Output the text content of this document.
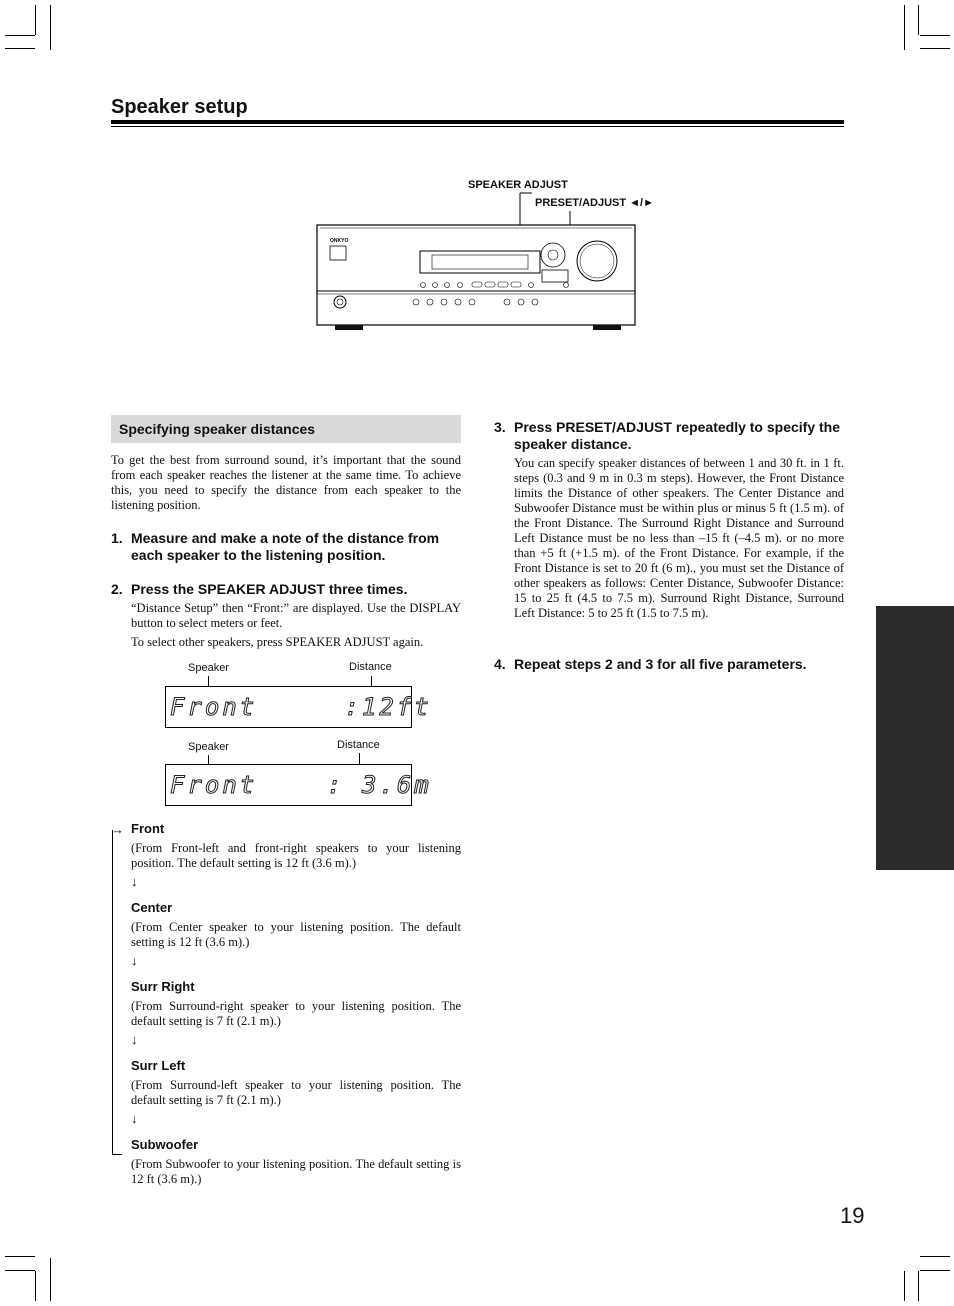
Speaker setup
SPEAKER ADJUST
PRESET/ADJUST ◄/►
ONKYO
Specifying speaker distances
To get the best from surround sound, it’s important that the sound from each speaker reaches the listener at the same time. To achieve this, you need to specify the distance from each speaker to the listening position.
1. Measure and make a note of the distance from each speaker to the listening position.
2. Press the SPEAKER ADJUST three times.
“Distance Setup” then “Front:” are displayed. Use the DISPLAY button to select meters or feet.
To select other speakers, press SPEAKER ADJUST again.
Speaker	Distance
Front     :12ft
Speaker	Distance
Front    : 3.6m
→ Front
(From Front-left and front-right speakers to your listening position. The default setting is 12 ft (3.6 m).)
↓
Center
(From Center speaker to your listening position. The default setting is 12 ft (3.6 m).)
↓
Surr Right
(From Surround-right speaker to your listening position. The default setting is 7 ft (2.1 m).)
↓
Surr Left
(From Surround-left speaker to your listening position. The default setting is 7 ft (2.1 m).)
↓
Subwoofer
(From Subwoofer to your listening position. The default setting is 12 ft (3.6 m).)
3. Press PRESET/ADJUST repeatedly to specify the speaker distance.
You can specify speaker distances of between 1 and 30 ft. in 1 ft. steps (0.3 and 9 m in 0.3 m steps). However, the Front Distance limits the Distance of other speakers. The Center Distance and Subwoofer Distance must be within plus or minus 5 ft (1.5 m). of the Front Distance. The Surround Right Distance and Surround Left Distance must be no less than –15 ft (–4.5 m). or no more than +5 ft (+1.5 m). of the Front Distance. For example, if the Front Distance is set to 20 ft (6 m)., you must set the Distance of other speakers as follows: Center Distance, Subwoofer Distance: 15 to 25 ft (4.5 to 7.5 m). Surround Right Distance, Surround Left Distance: 5 to 25 ft (1.5 to 7.5 m).
4. Repeat steps 2 and 3 for all five parameters.
19
